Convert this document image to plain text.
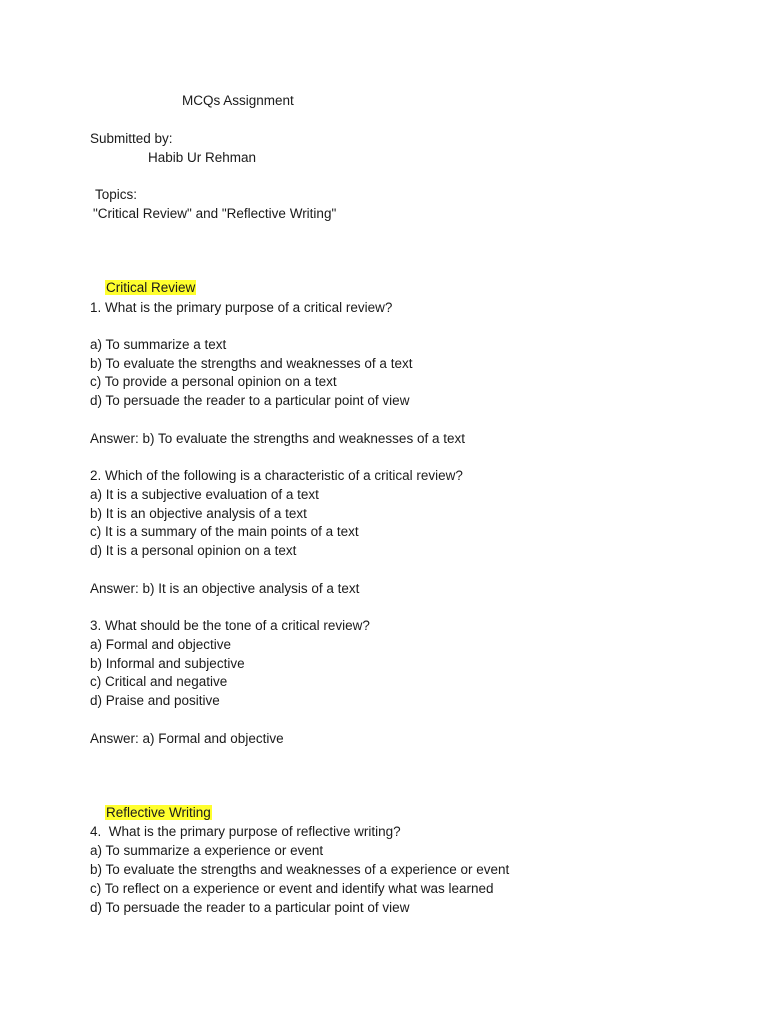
MCQs Assignment
Submitted by:
Habib Ur Rehman
Topics:
"Critical Review" and "Reflective Writing"

Critical Review

1. What is the primary purpose of a critical review?
a) To summarize a text
b) To evaluate the strengths and weaknesses of a text
c) To provide a personal opinion on a text
d) To persuade the reader to a particular point of view
Answer: b) To evaluate the strengths and weaknesses of a text
2. Which of the following is a characteristic of a critical review?
a) It is a subjective evaluation of a text
b) It is an objective analysis of a text
c) It is a summary of the main points of a text
d) It is a personal opinion on a text
Answer: b) It is an objective analysis of a text
3. What should be the tone of a critical review?
a) Formal and objective
b) Informal and subjective
c) Critical and negative
d) Praise and positive
Answer: a) Formal and objective

Reflective Writing

4.  What is the primary purpose of reflective writing?
a) To summarize a experience or event
b) To evaluate the strengths and weaknesses of a experience or event
c) To reflect on a experience or event and identify what was learned
d) To persuade the reader to a particular point of view
